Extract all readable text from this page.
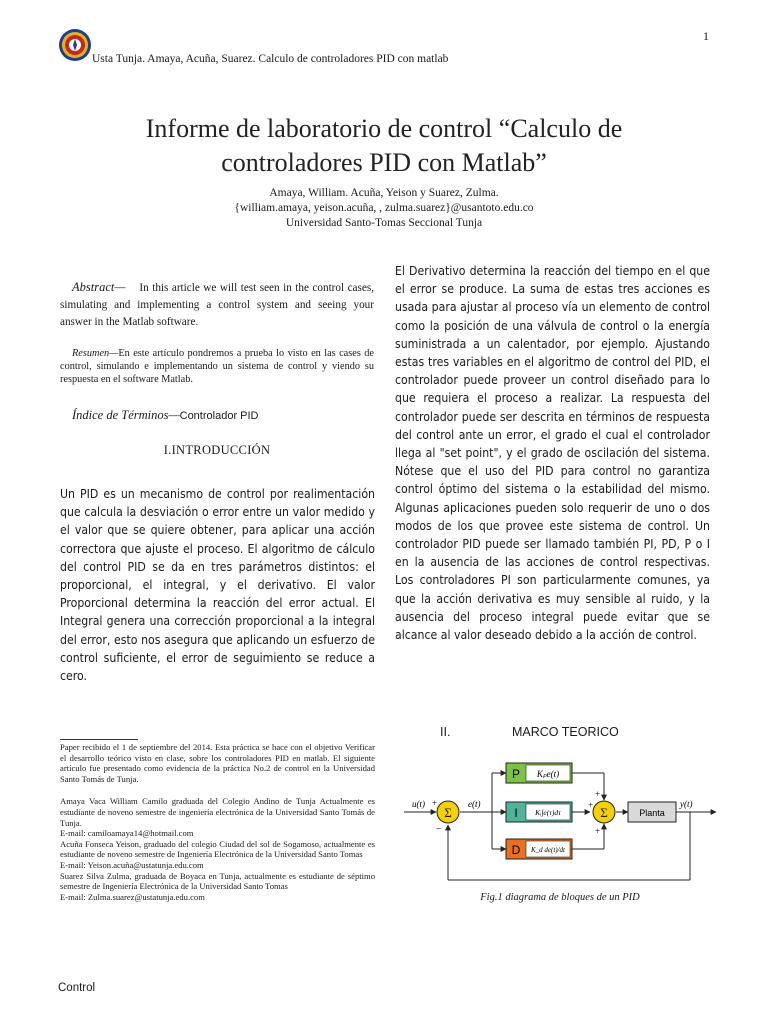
Usta Tunja. Amaya, Acuña, Suarez. Calculo de controladores PID con matlab
1
Informe de laboratorio de control “Calculo de
controladores PID con Matlab”
Amaya, William. Acuña, Yeison y Suarez, Zulma.
{william.amaya, yeison.acuña, , zulma.suarez}@usantoto.edu.co
Universidad Santo-Tomas Seccional Tunja
Abstract— In this article we will test seen in the control cases, simulating and implementing a control system and seeing your answer in the Matlab software.
Resumen—En este artículo pondremos a prueba lo visto en las cases de control, simulando e implementando un sistema de control y viendo su respuesta en el software Matlab.
Índice de Términos—Controlador PID
I.INTRODUCCIÓN
Un PID es un mecanismo de control por realimentación que calcula la desviación o error entre un valor medido y el valor que se quiere obtener, para aplicar una acción correctora que ajuste el proceso. El algoritmo de cálculo del control PID se da en tres parámetros distintos: el proporcional, el integral, y el derivativo. El valor Proporcional determina la reacción del error actual. El Integral genera una corrección proporcional a la integral del error, esto nos asegura que aplicando un esfuerzo de control suficiente, el error de seguimiento se reduce a cero.
El Derivativo determina la reacción del tiempo en el que el error se produce. La suma de estas tres acciones es usada para ajustar al proceso vía un elemento de control como la posición de una válvula de control o la energía suministrada a un calentador, por ejemplo. Ajustando estas tres variables en el algoritmo de control del PID, el controlador puede proveer un control diseñado para lo que requiera el proceso a realizar. La respuesta del controlador puede ser descrita en términos de respuesta del control ante un error, el grado el cual el controlador llega al "set point", y el grado de oscilación del sistema. Nótese que el uso del PID para control no garantiza control óptimo del sistema o la estabilidad del mismo. Algunas aplicaciones pueden solo requerir de uno o dos modos de los que provee este sistema de control. Un controlador PID puede ser llamado también PI, PD, P o I en la ausencia de las acciones de control respectivas. Los controladores PI son particularmente comunes, ya que la acción derivativa es muy sensible al ruido, y la ausencia del proceso integral puede evitar que se alcance al valor deseado debido a la acción de control.
II.	MARCO TEORICO

Paper recibido el 1 de septiembre del 2014. Esta práctica se hace con el objetivo Verificar el desarrollo teórico visto en clase, sobre los controladores PID en matlab. El siguiente artículo fue presentado como evidencia de la práctica No.2 de control en la Universidad Santo Tomás de Tunja.

Amaya Vaca William Camilo graduada del Colegio Andino de Tunja Actualmente es estudiante de noveno semestre de ingeniería electrónica de la Universidad Santo Tomás de Tunja.

E-mail: camiloamaya14@hotmail.com

Acuña Fonseca Yeison, graduado del colegio Ciudad del sol de Sogamoso, actualmente es estudiante de noveno semestre de Ingeniería Electrónica de la Universidad Santo Tomas

E-mail: Yeison.acuña@ustatunja.edu.com

Suarez Silva Zulma, graduada de Boyaca en Tunja, actualmente es estudiante de séptimo semestre de Ingeniería Electrónica de la Universidad Santo Tomas

E-mail: Zulma.suarez@ustatunja.edu.com

Σ	Σ
P Kₚe(t)
I Kᵢ∫e(τ)dτ
D K_d de(t)/dt
Planta
u(t)	e(t)	y(t)
+
−
+
+
+
Fig.1 diagrama de bloques de un PID
Control
